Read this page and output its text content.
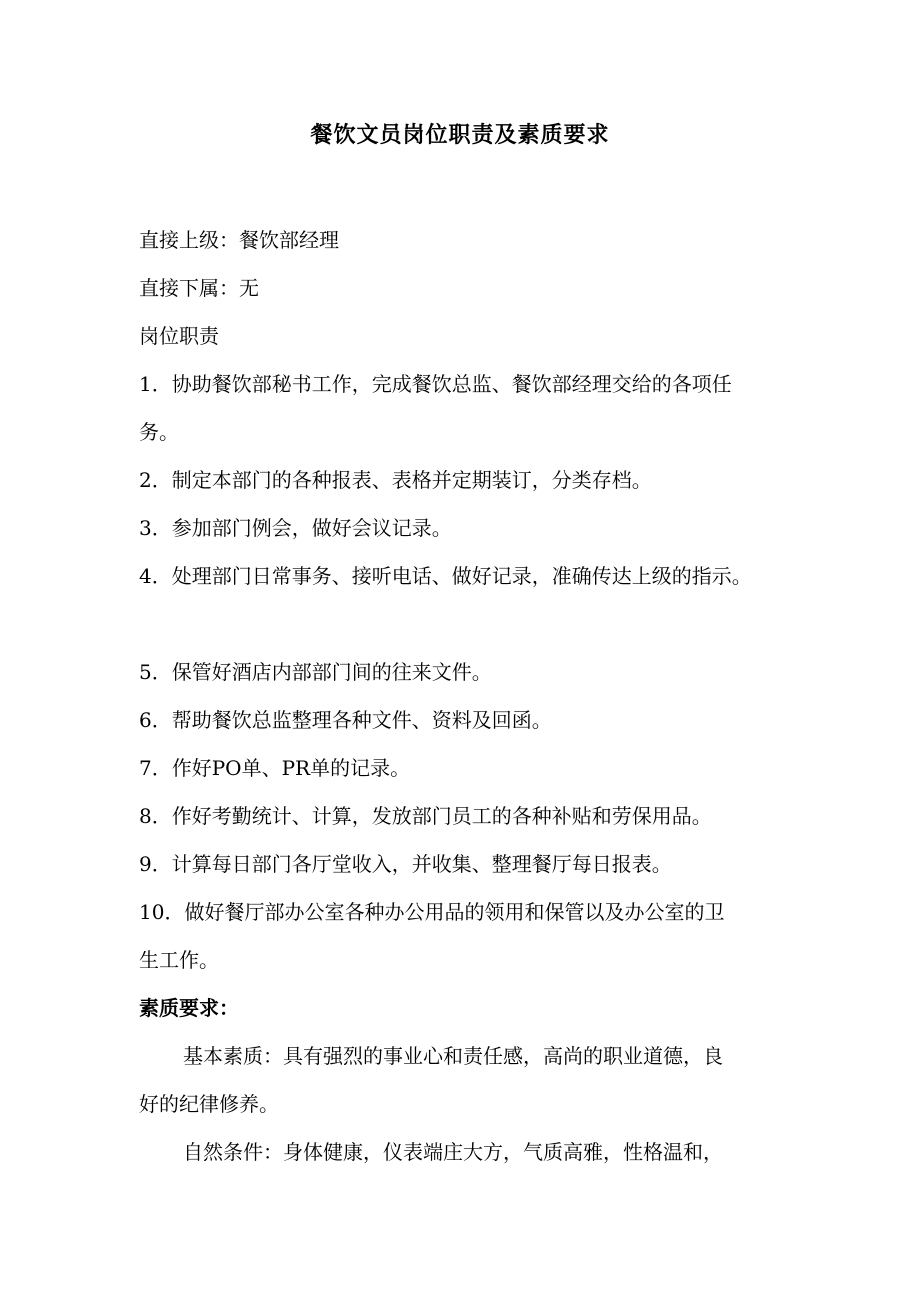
餐饮文员岗位职责及素质要求
直接上级：餐饮部经理
直接下属：无
岗位职责
1．协助餐饮部秘书工作，完成餐饮总监、餐饮部经理交给的各项任
务。
2．制定本部门的各种报表、表格并定期装订，分类存档。
3．参加部门例会，做好会议记录。
4．处理部门日常事务、接听电话、做好记录，准确传达上级的指示。
5．保管好酒店内部部门间的往来文件。
6．帮助餐饮总监整理各种文件、资料及回函。
7．作好PO单、PR单的记录。
8．作好考勤统计、计算，发放部门员工的各种补贴和劳保用品。
9．计算每日部门各厅堂收入，并收集、整理餐厅每日报表。
10．做好餐厅部办公室各种办公用品的领用和保管以及办公室的卫
生工作。
素质要求：
基本素质：具有强烈的事业心和责任感，高尚的职业道德，良
好的纪律修养。
自然条件：身体健康，仪表端庄大方，气质高雅，性格温和，
